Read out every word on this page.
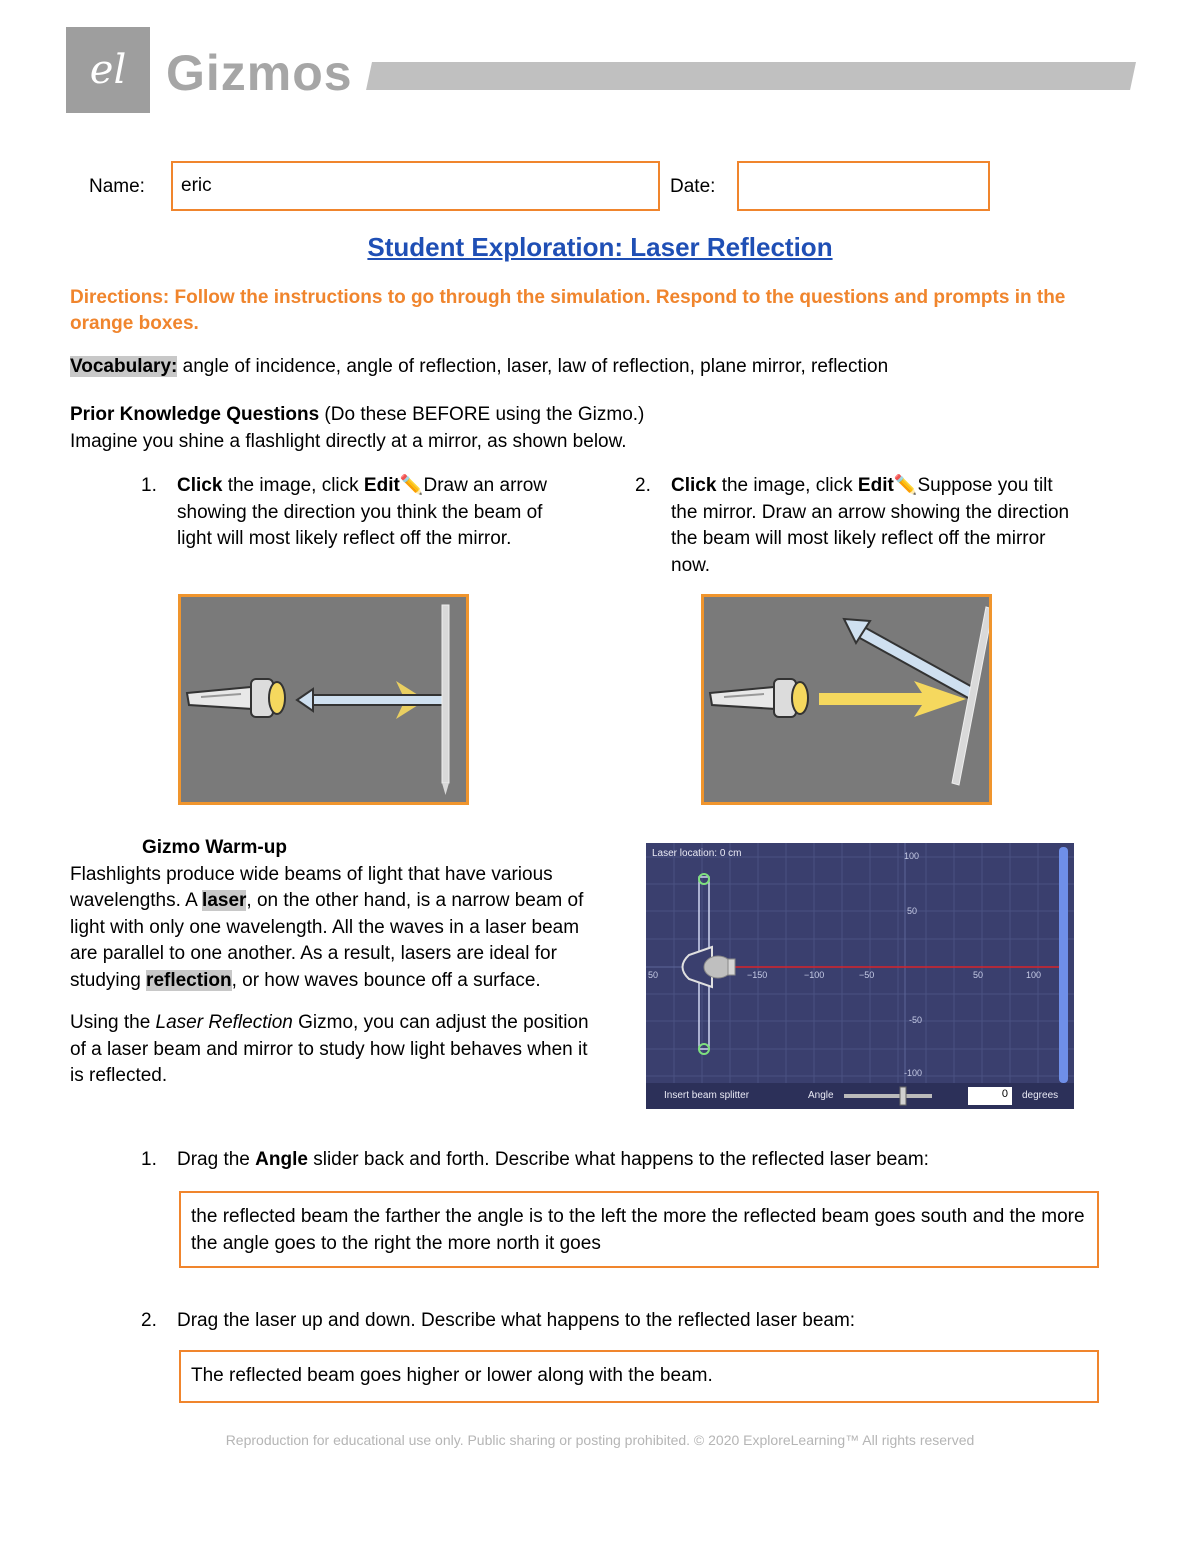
el Gizmos
Name: eric	Date:
Student Exploration: Laser Reflection
Directions: Follow the instructions to go through the simulation. Respond to the questions and prompts in the orange boxes.
Vocabulary: angle of incidence, angle of reflection, laser, law of reflection, plane mirror, reflection
Prior Knowledge Questions (Do these BEFORE using the Gizmo.)
Imagine you shine a flashlight directly at a mirror, as shown below.
1. Click the image, click Edit✏️Draw an arrow showing the direction you think the beam of light will most likely reflect off the mirror.
2. Click the image, click Edit✏️Suppose you tilt the mirror. Draw an arrow showing the direction the beam will most likely reflect off the mirror now.
Gizmo Warm-up

Flashlights produce wide beams of light that have various wavelengths. A laser, on the other hand, is a narrow beam of light with only one wavelength. All the waves in a laser beam are parallel to one another. As a result, lasers are ideal for studying reflection, or how waves bounce off a surface.

Using the Laser Reflection Gizmo, you can adjust the position of a laser beam and mirror to study how light behaves when it is reflected.

Laser location: 0 cm	100
50
-50
-100
50	−150	−100	−50	50	100
Insert beam splitter	Angle	0 degrees
1. Drag the Angle slider back and forth. Describe what happens to the reflected laser beam:
the reflected beam the farther the angle is to the left the more the reflected beam goes south and the more the angle goes to the right the more north it goes
2. Drag the laser up and down. Describe what happens to the reflected laser beam:
The reflected beam goes higher or lower along with the beam.
Reproduction for educational use only. Public sharing or posting prohibited. © 2020 ExploreLearning™ All rights reserved
